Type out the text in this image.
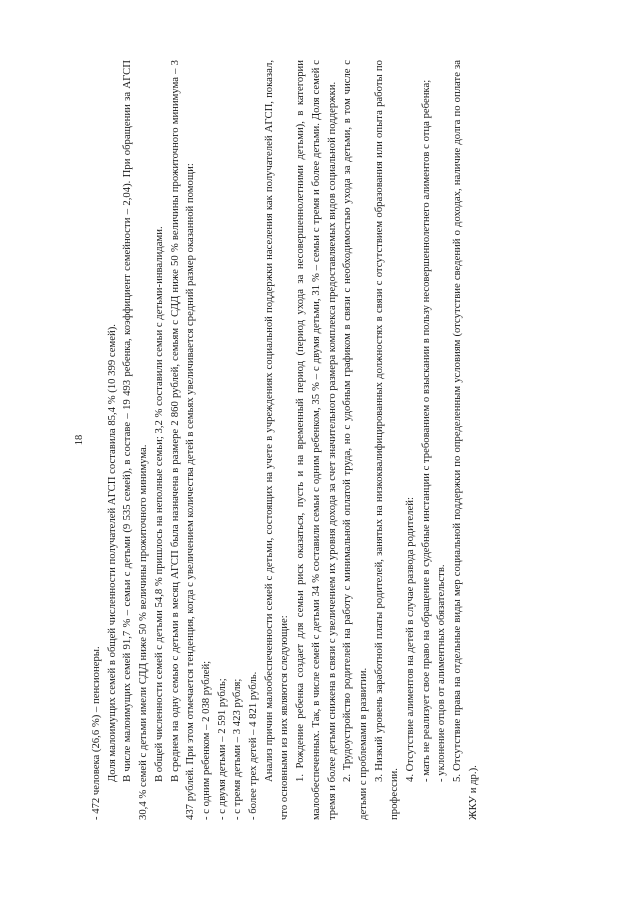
18

- 472 человека (26,6 %) – пенсионеры. Доля малоимущих семей в общей численности получателей АГСП составила 85,4 % (10 399 семей). В числе малоимущих семей 91,7 % – семьи с детьми (9 535 семей), в составе – 19 493 ребенка, коэффициент семейности – 2,04). При обращении за АГСП 30,4 % семей с детьми имели СДД ниже 50 % величины прожиточного минимума. В общей численности семей с детьми 54,8 % пришлось на неполные семьи; 3,2 % составили семьи с детьми-инвалидами. В среднем на одну семью с детьми в месяц АГСП была назначена в размере 2 860 рублей, семьям с СДД ниже 50 % величины прожиточного минимума – 3 437 рублей. При этом отмечается тенденция, когда с увеличением количества детей в семьях увеличивается средний размер оказанной помощи: - с одним ребенком – 2 038 рублей; - с двумя детьми – 2 591 рубль; - с тремя детьми – 3 423 рубля; - более трех детей – 4 821 рубль. Анализ причин малообеспеченности семей с детьми, состоящих на учете в учреждениях социальной поддержки населения как получателей АГСП, показал, что основными из них являются следующие: 1. Рождение ребенка создает для семьи риск оказаться, пусть и на временный период (период ухода за несовершеннолетними детьми), в категории малообеспеченных. Так, в числе семей с детьми 34 % составили семьи с одним ребенком, 35 % – с двумя детьми, 31 % – семьи с тремя и более детьми. Доля семей с тремя и более детьми снижена в связи с увеличением их уровня дохода за счет значительного размера комплекса предоставляемых видов социальной поддержки. 2. Трудоустройство родителей на работу с минимальной оплатой труда, но с удобным графиком в связи с необходимостью ухода за детьми, в том числе с детьми с проблемами в развитии. 3. Низкий уровень заработной платы родителей, занятых на низкоквалифицированных должностях в связи с отсутствием образования или опыта работы по профессии.

4. Отсутствие алиментов на детей в случае развода родителей: - мать не реализует свое право на обращение в судебные инстанции с требованием о взыскании в пользу несовершеннолетнего алиментов с отца ребенка; - уклонение отцов от алиментных обязательств. 5. Отсутствие права на отдельные виды мер социальной поддержки по определенным условиям (отсутствие сведений о доходах, наличие долга по оплате за ЖКУ и др.).
